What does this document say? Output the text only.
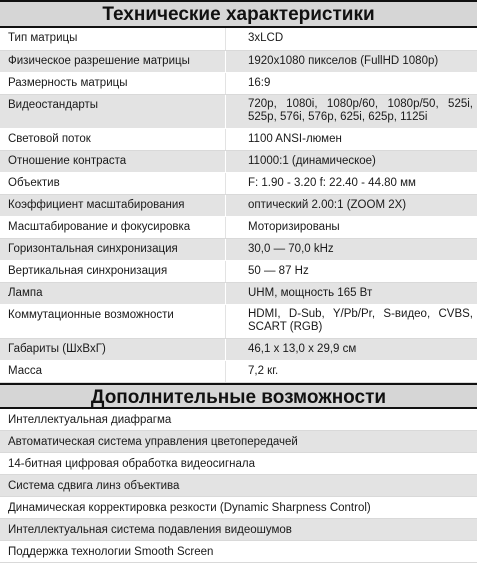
Технические характеристики
Тип матрицы	3xLCD
Физическое разрешение матрицы	1920x1080 пикселов (FullHD 1080p)
Размерность матрицы	16:9
Видеостандарты	720p, 1080i, 1080p/60, 1080p/50, 525i, 525p, 576i, 576p, 625i, 625p, 1125i
Световой поток	1100 ANSI-люмен
Отношение контраста	11000:1 (динамическое)
Объектив	F: 1.90 - 3.20 f: 22.40 - 44.80 мм
Коэффициент масштабирования	оптический 2.00:1 (ZOOM 2X)
Масштабирование и фокусировка	Моторизированы
Горизонтальная синхронизация	30,0 — 70,0 kHz
Вертикальная синхронизация	50 — 87 Hz
Лампа	UHM, мощность 165 Вт
Коммутационные возможности	HDMI, D-Sub, Y/Pb/Pr, S-видео, CVBS, SCART (RGB)
Габариты (ШxВxГ)	46,1 x 13,0 x 29,9 см
Масса	7,2 кг.
Дополнительные возможности
Интеллектуальная диафрагма
Автоматическая система управления цветопередачей
14-битная цифровая обработка видеосигнала
Система сдвига линз объектива
Динамическая корректировка резкости (Dynamic Sharpness Control)
Интеллектуальная система подавления видеошумов
Поддержка технологии Smooth Screen
